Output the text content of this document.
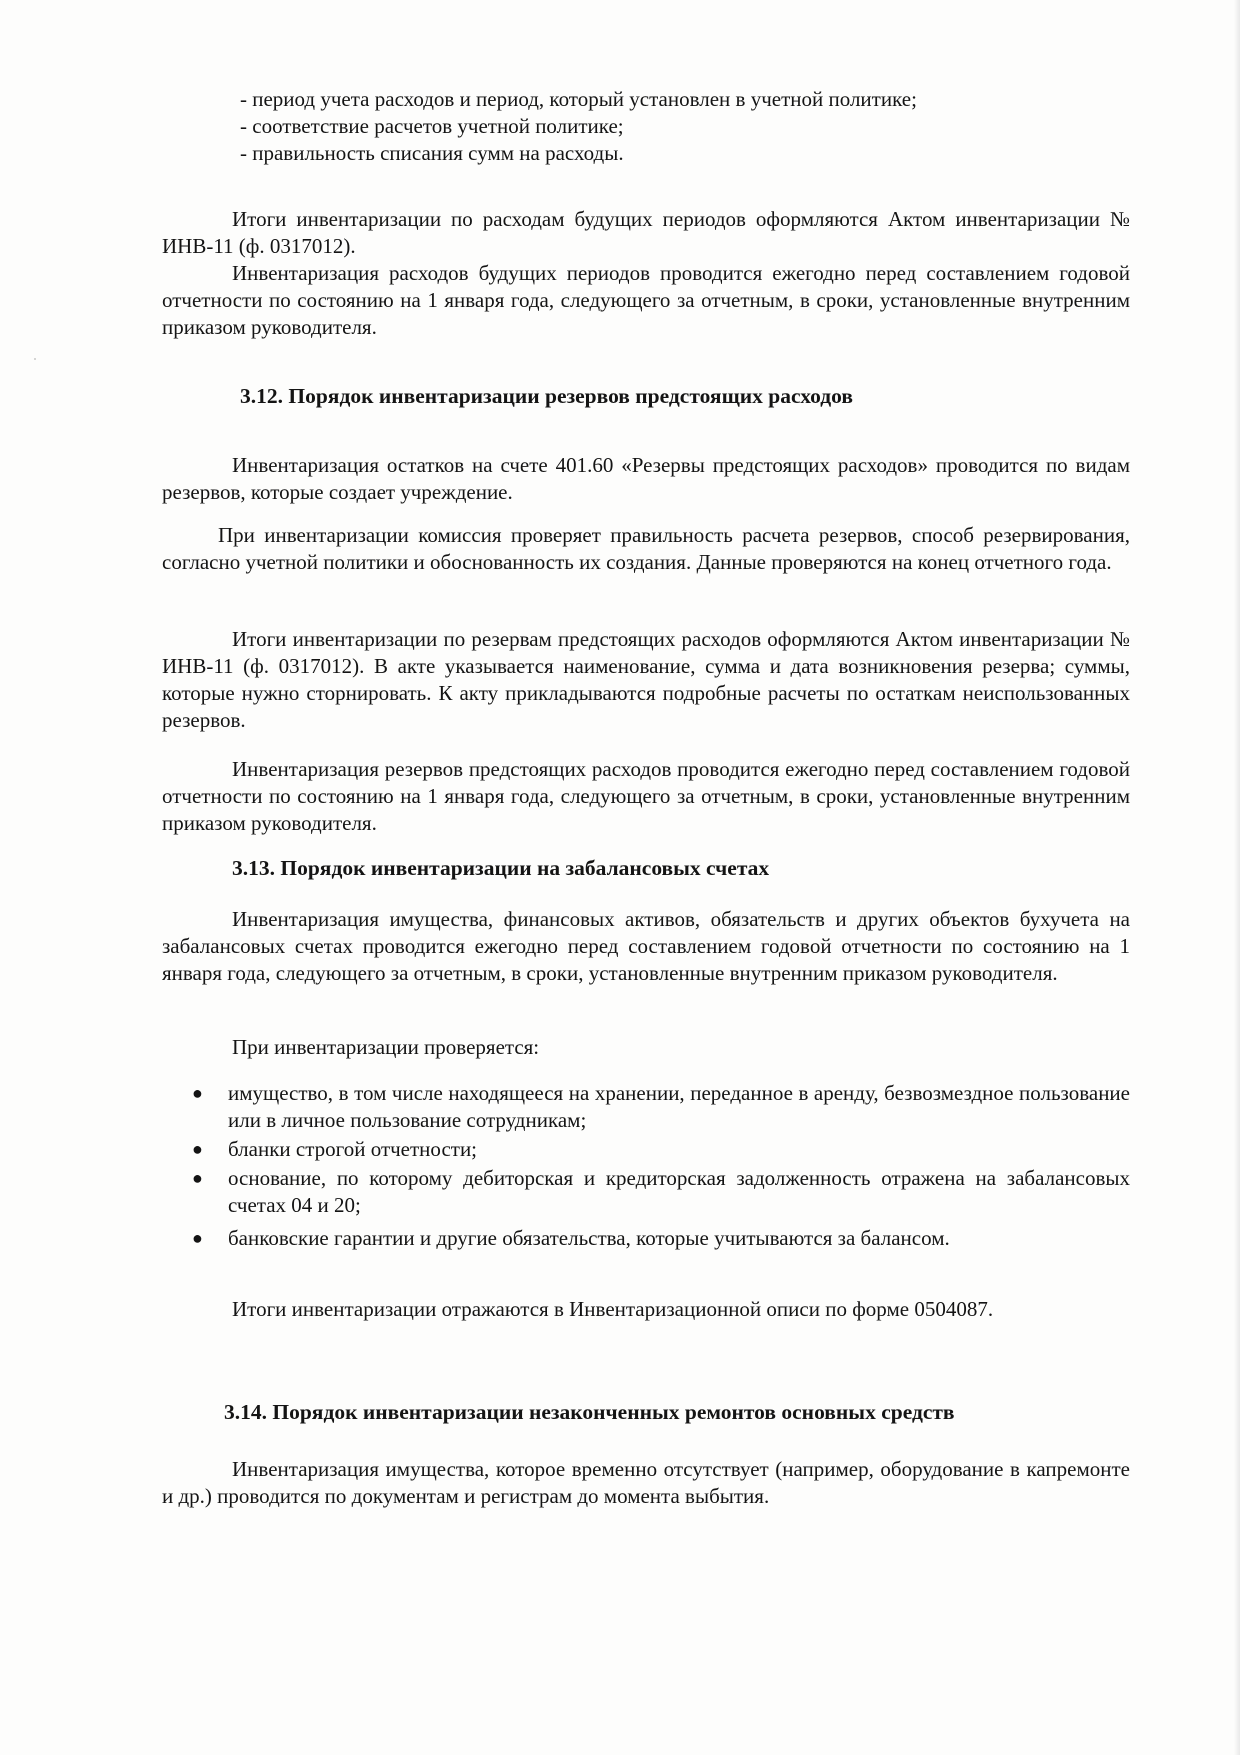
- период учета расходов и период, который установлен в учетной политике;
- соответствие расчетов учетной политике;
- правильность списания сумм на расходы.

Итоги инвентаризации по расходам будущих периодов оформляются Актом инвентаризации № ИНВ-11 (ф. 0317012).

Инвентаризация расходов будущих периодов проводится ежегодно перед составлением годовой отчетности по состоянию на 1 января года, следующего за отчетным, в сроки, установленные внутренним приказом руководителя.

3.12. Порядок инвентаризации резервов предстоящих расходов

Инвентаризация остатков на счете 401.60 «Резервы предстоящих расходов» проводится по видам резервов, которые создает учреждение.

При инвентаризации комиссия проверяет правильность расчета резервов, способ резервирования, согласно учетной политики и обоснованность их создания. Данные проверяются на конец отчетного года.

Итоги инвентаризации по резервам предстоящих расходов оформляются Актом инвентаризации № ИНВ-11 (ф. 0317012). В акте указывается наименование, сумма и дата возникновения резерва; суммы, которые нужно сторнировать. К акту прикладываются подробные расчеты по остаткам неиспользованных резервов.

Инвентаризация резервов предстоящих расходов проводится ежегодно перед составлением годовой отчетности по состоянию на 1 января года, следующего за отчетным, в сроки, установленные внутренним приказом руководителя.

3.13. Порядок инвентаризации на забалансовых счетах

Инвентаризация имущества, финансовых активов, обязательств и других объектов бухучета на забалансовых счетах проводится ежегодно перед составлением годовой отчетности по состоянию на 1 января года, следующего за отчетным, в сроки, установленные внутренним приказом руководителя.

При инвентаризации проверяется:

●	имущество, в том числе находящееся на хранении, переданное в аренду, безвозмездное пользование или в личное пользование сотрудникам;
●	бланки строгой отчетности;
●	основание, по которому дебиторская и кредиторская задолженность отражена на забалансовых счетах 04 и 20;
●	банковские гарантии и другие обязательства, которые учитываются за балансом.

Итоги инвентаризации отражаются в Инвентаризационной описи по форме 0504087.

3.14. Порядок инвентаризации незаконченных ремонтов основных средств

Инвентаризация имущества, которое временно отсутствует (например, оборудование в капремонте и др.) проводится по документам и регистрам до момента выбытия.
